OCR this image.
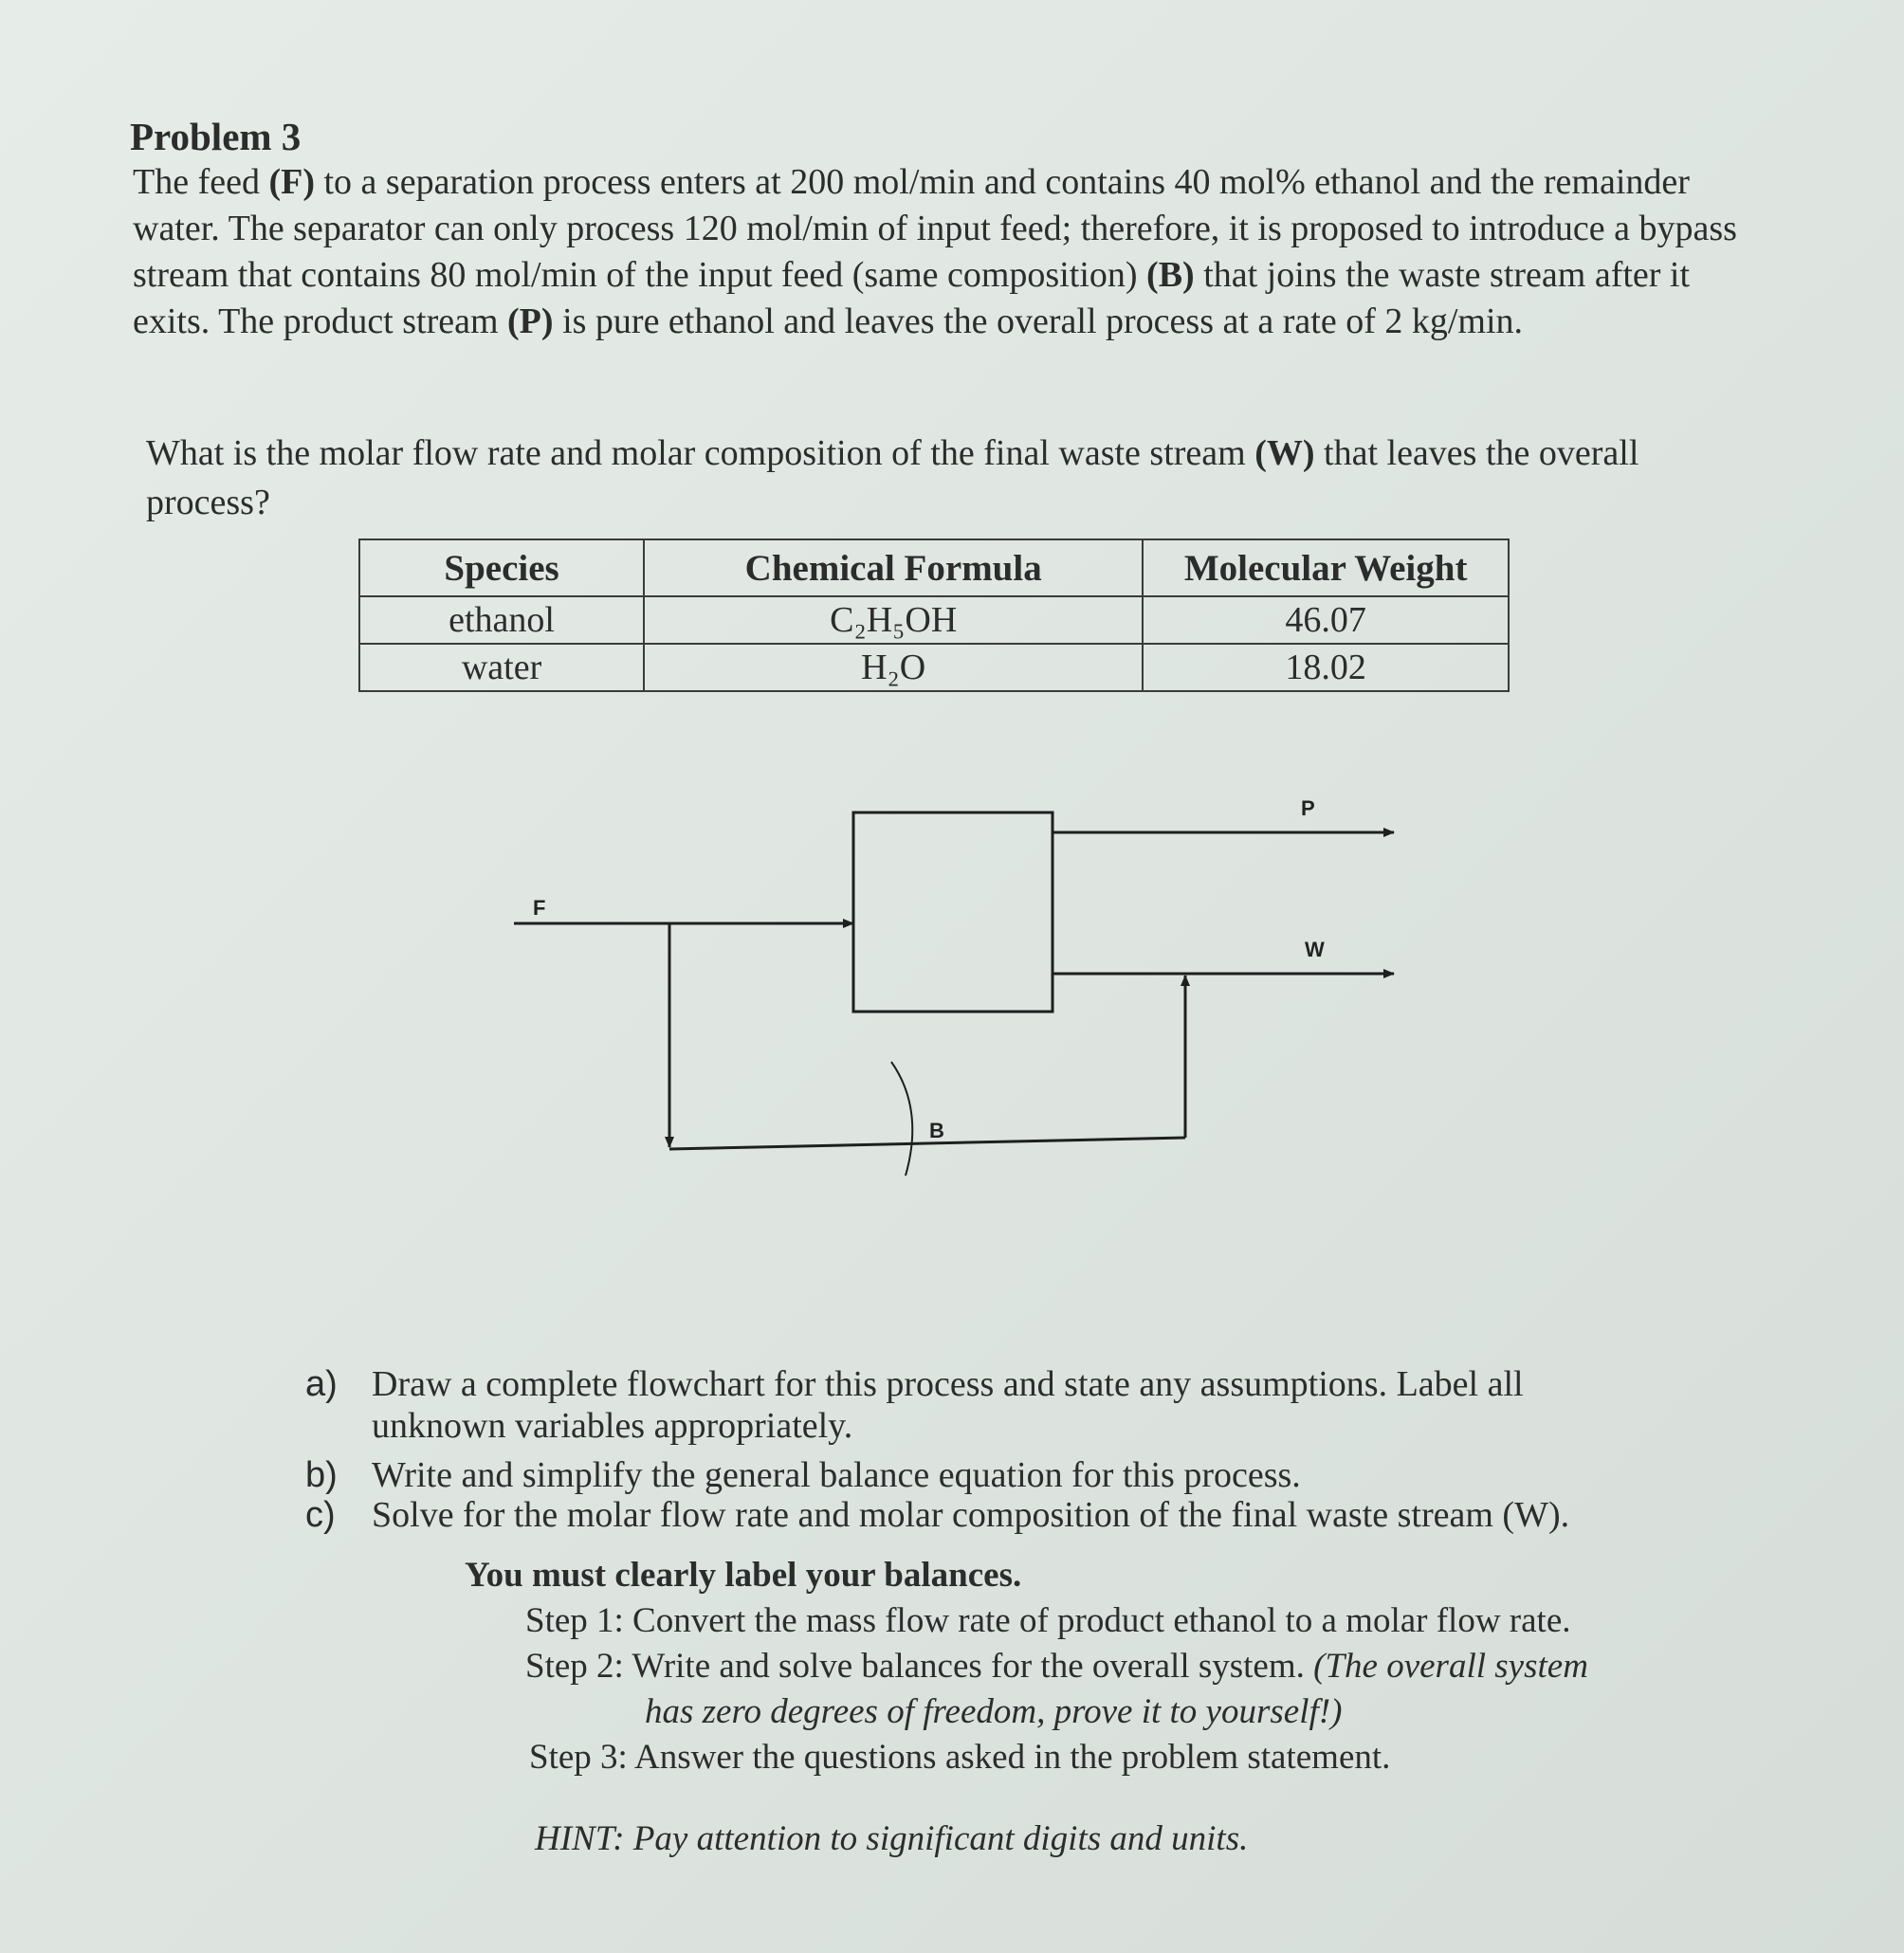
Problem 3
The feed (F) to a separation process enters at 200 mol/min and contains 40 mol% ethanol and the remainder water. The separator can only process 120 mol/min of input feed; therefore, it is proposed to introduce a bypass stream that contains 80 mol/min of the input feed (same composition) (B) that joins the waste stream after it exits. The product stream (P) is pure ethanol and leaves the overall process at a rate of 2 kg/min.
What is the molar flow rate and molar composition of the final waste stream (W) that leaves the overall process?
Species	Chemical Formula	Molecular Weight
ethanol	C₂H₅OH	46.07
water	H₂O	18.02
F
P
W
B
a) Draw a complete flowchart for this process and state any assumptions. Label all unknown variables appropriately.
b) Write and simplify the general balance equation for this process.
c) Solve for the molar flow rate and molar composition of the final waste stream (W).
You must clearly label your balances.
Step 1: Convert the mass flow rate of product ethanol to a molar flow rate.
Step 2: Write and solve balances for the overall system. (The overall system
has zero degrees of freedom, prove it to yourself!)
Step 3: Answer the questions asked in the problem statement.
HINT: Pay attention to significant digits and units.
